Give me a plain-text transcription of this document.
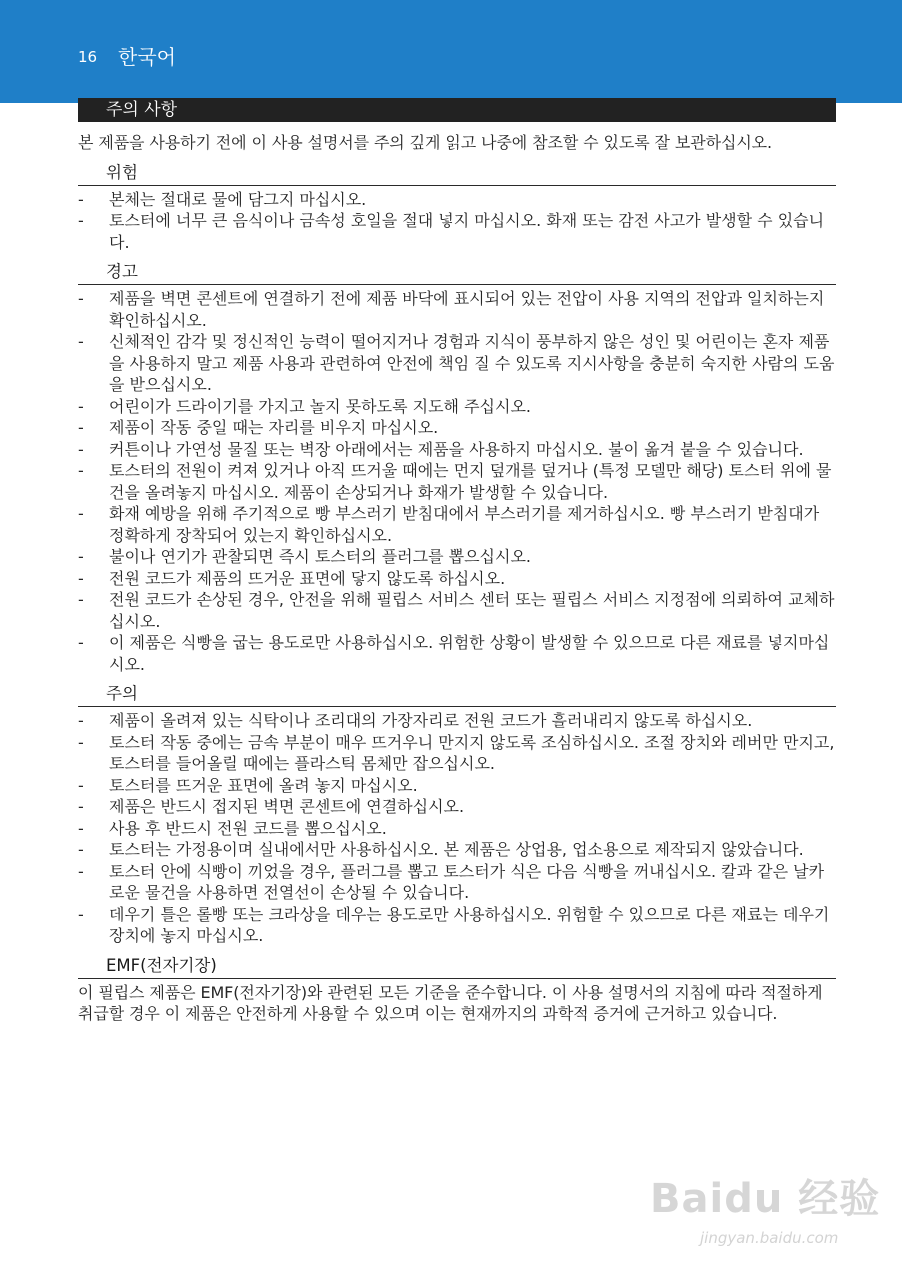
16 한국어
주의 사항

본 제품을 사용하기 전에 이 사용 설명서를 주의 깊게 읽고 나중에 참조할 수 있도록 잘 보관하십시오.

위험
- 본체는 절대로 물에 담그지 마십시오.
- 토스터에 너무 큰 음식이나 금속성 호일을 절대 넣지 마십시오. 화재 또는 감전 사고가 발생할 수 있습니다.
경고
- 제품을 벽면 콘센트에 연결하기 전에 제품 바닥에 표시되어 있는 전압이 사용 지역의 전압과 일치하는지 확인하십시오.
- 신체적인 감각 및 정신적인 능력이 떨어지거나 경험과 지식이 풍부하지 않은 성인 및 어린이는 혼자 제품을 사용하지 말고 제품 사용과 관련하여 안전에 책임 질 수 있도록 지시사항을 충분히 숙지한 사람의 도움을 받으십시오.
- 어린이가 드라이기를 가지고 놀지 못하도록 지도해 주십시오.
- 제품이 작동 중일 때는 자리를 비우지 마십시오.
- 커튼이나 가연성 물질 또는 벽장 아래에서는 제품을 사용하지 마십시오. 불이 옮겨 붙을 수 있습니다.
- 토스터의 전원이 켜져 있거나 아직 뜨거울 때에는 먼지 덮개를 덮거나 (특정 모델만 해당) 토스터 위에 물건을 올려놓지 마십시오. 제품이 손상되거나 화재가 발생할 수 있습니다.
- 화재 예방을 위해 주기적으로 빵 부스러기 받침대에서 부스러기를 제거하십시오. 빵 부스러기 받침대가 정확하게 장착되어 있는지 확인하십시오.
- 불이나 연기가 관찰되면 즉시 토스터의 플러그를 뽑으십시오.
- 전원 코드가 제품의 뜨거운 표면에 닿지 않도록 하십시오.
- 전원 코드가 손상된 경우, 안전을 위해 필립스 서비스 센터 또는 필립스 서비스 지정점에 의뢰하여 교체하십시오.
- 이 제품은 식빵을 굽는 용도로만 사용하십시오. 위험한 상황이 발생할 수 있으므로 다른 재료를 넣지마십시오.
주의
- 제품이 올려져 있는 식탁이나 조리대의 가장자리로 전원 코드가 흘러내리지 않도록 하십시오.
- 토스터 작동 중에는 금속 부분이 매우 뜨거우니 만지지 않도록 조심하십시오. 조절 장치와 레버만 만지고, 토스터를 들어올릴 때에는 플라스틱 몸체만 잡으십시오.
- 토스터를 뜨거운 표면에 올려 놓지 마십시오.
- 제품은 반드시 접지된 벽면 콘센트에 연결하십시오.
- 사용 후 반드시 전원 코드를 뽑으십시오.
- 토스터는 가정용이며 실내에서만 사용하십시오. 본 제품은 상업용, 업소용으로 제작되지 않았습니다.
- 토스터 안에 식빵이 끼었을 경우, 플러그를 뽑고 토스터가 식은 다음 식빵을 꺼내십시오. 칼과 같은 날카로운 물건을 사용하면 전열선이 손상될 수 있습니다.
- 데우기 틀은 롤빵 또는 크라상을 데우는 용도로만 사용하십시오. 위험할 수 있으므로 다른 재료는 데우기 장치에 놓지 마십시오.
EMF(전자기장)

이 필립스 제품은 EMF(전자기장)와 관련된 모든 기준을 준수합니다. 이 사용 설명서의 지침에 따라 적절하게 취급할 경우 이 제품은 안전하게 사용할 수 있으며 이는 현재까지의 과학적 증거에 근거하고 있습니다.

Baidu 经验
jingyan.baidu.com
